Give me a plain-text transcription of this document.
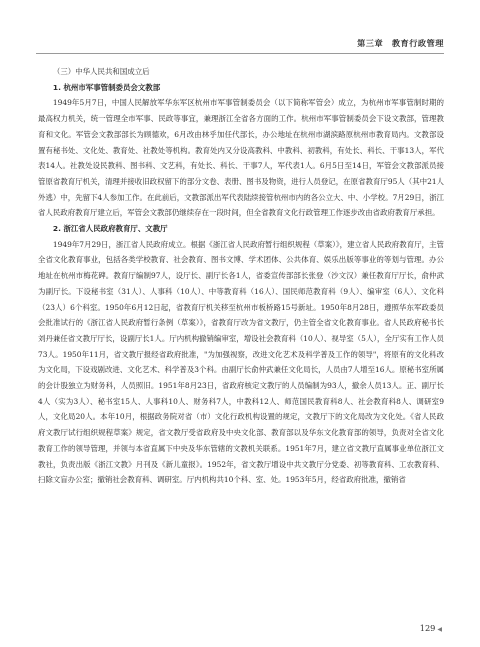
第三章　教育行政管理

（三）中华人民共和国成立后

1. 杭州市军事管制委员会文教部

1949年5月7日，中国人民解放军华东军区杭州市军事管制委员会（以下简称军管会）成立，为杭州市军事管制时期的最高权力机关，统一管理全市军事、民政等事宜，兼理浙江全省各方面的工作。杭州市军事管制委员会下设文教部，管理教育和文化。军管会文教部部长为顾德欢，6月改由林乎加任代部长，办公地址在杭州市湖滨路原杭州市教育局内。文教部设置有秘书处、文化处、教育处、社教处等机构。教育处内又分设高教科、中教科、初教科，有处长、科长、干事13人，军代表14人。社教处设民教科、图书科、文艺科，有处长、科长、干事7人，军代表1人。6月5日至14日，军管会文教部派员接管原省教育厅机关，清理并接收旧政权留下的部分文卷、表册、图书及物资，进行人员登记，在原省教育厅95人（其中21人外逃）中，先留下4人参加工作。在此前后，文教部派出军代表陆续接管杭州市内的各公立大、中、小学校。7月29日，浙江省人民政府教育厅建立后，军管会文教部仍继续存在一段时间，但全省教育文化行政管理工作逐步改由省政府教育厅承担。

2. 浙江省人民政府教育厅、文教厅

1949年7月29日，浙江省人民政府成立。根据《浙江省人民政府暂行组织规程（草案）》，建立省人民政府教育厅，主管全省文化教育事业，包括各类学校教育、社会教育、图书文博、学术团体、公共体育、娱乐出版等事业的等划与管理。办公地址在杭州市梅花碑。教育厅编制97人，设厅长、副厅长各1人，省委宣传部部长张登（沙文汉）兼任教育厅厅长，俞仲武为副厅长。下设秘书室（31人）、人事科（10人）、中等教育科（16人）、国民师范教育科（9人）、编审室（6人）、文化科（23人）6个科室。1950年6月12日起，省教育厅机关移至杭州市板桥路15号新址。1950年8月28日，遵照华东军政委员会批准试行的《浙江省人民政府暂行条例（草案）》，省教育厅改为省文教厅，仍主管全省文化教育事业。省人民政府秘书长刘丹兼任省文教厅厅长，设副厅长1人。厅内机构撤销编审室，增设社会教育科（10人）、视导室（5人），全厅实有工作人员73人。1950年11月，省文教厅报经省政府批准，"为加强视察，改进文化艺术及科学普及工作的领导"，将原有的文化科改为文化局，下设戏剧改进、文化艺术、科学普及3个科。由副厅长俞仲武兼任文化局长，人员由7人增至16人。原秘书室所属的会计股独立为财务科，人员照旧。1951年8月23日，省政府核定文教厅的人员编制为93人，撤余人员13人。正、副厅长4人（实为3人）、秘书室15人、人事科10人、财务科7人，中教科12人、师范国民教育科8人、社会教育科8人、调研室9人，文化局20人。本年10月，根据政务院对省（市）文化行政机构设置的规定，文教厅下的文化局改为文化处。《省人民政府文教厅试行组织规程草案》规定，省文教厅受省政府及中央文化部、教育部以及华东文化教育部的领导，负责对全省文化教育工作的领导管理，并领与本省直属下中央及华东管辖的文教机关联系。1951年7月，建立省文教厅直属事业单位浙江文教社，负责出版《浙江文教》月刊及《新儿童报》。1952年，省文教厅增设中共文教厅分党委、初等教育科、工农教育科、扫除文盲办公室；撤销社会教育科、调研室。厅内机构共10个科、室、处。1953年5月，经省政府批准，撤销省

129 ◀
